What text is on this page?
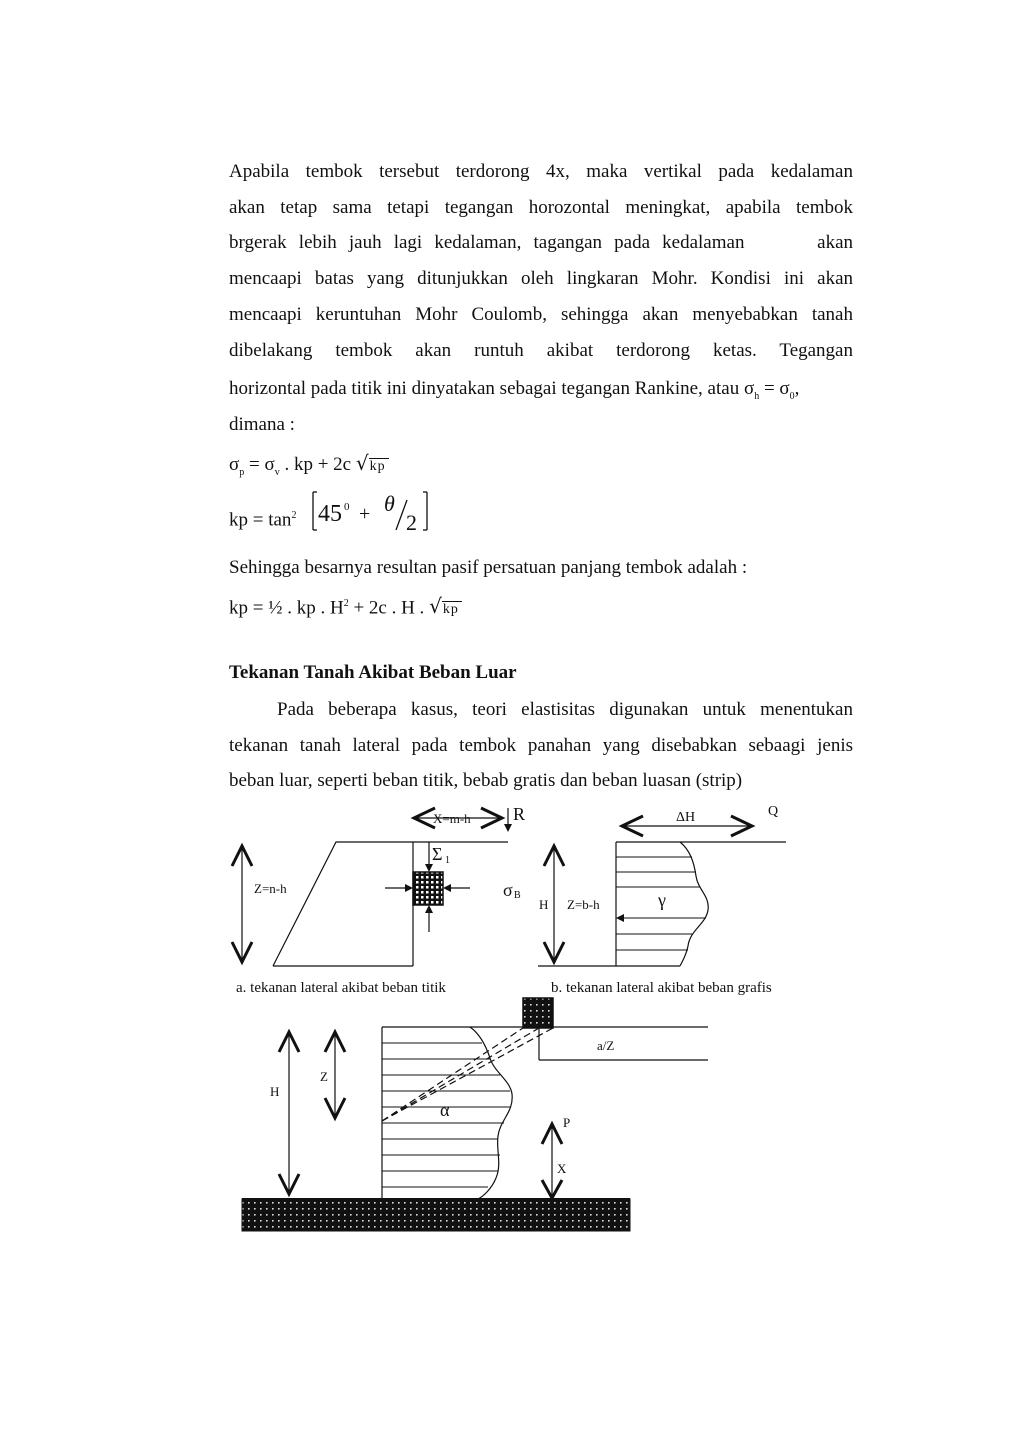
Apabila tembok tersebut terdorong 4x, maka vertikal pada kedalaman
akan tetap sama tetapi tegangan horozontal meningkat, apabila tembok
brgerak lebih jauh lagi kedalaman, tagangan pada kedalaman      akan
mencaapi batas yang ditunjukkan oleh lingkaran Mohr. Kondisi ini akan
mencaapi keruntuhan Mohr Coulomb, sehingga akan menyebabkan tanah
dibelakang tembok akan runtuh akibat terdorong ketas. Tegangan
horizontal pada titik ini dinyatakan sebagai tegangan Rankine, atau $\sigma_h = \sigma_0$,
dimana :
$\sigma_p = \sigma_v$ . kp + 2c √kp
kp = $\tan^2 45$ 0 + θ
2
Sehingga besarnya resultan pasif persatuan panjang tembok adalah :
kp = ½ . kp . $H^2 + 2c$ . H . √kp
Tekanan Tanah Akibat Beban Luar
Pada beberapa kasus, teori elastisitas digunakan untuk menentukan
tekanan tanah lateral pada tembok panahan yang disebabkan sebaagi jenis
beban luar, seperti beban titik, bebab gratis dan beban luasan (strip)
X=m-h R
Σ 1
Z=n-h
a. tekanan lateral akibat beban titik
ΔH	Q
σ B
H Z=b-h	γ
b. tekanan lateral akibat beban grafis
a/Z
α
H
Z
P
X
